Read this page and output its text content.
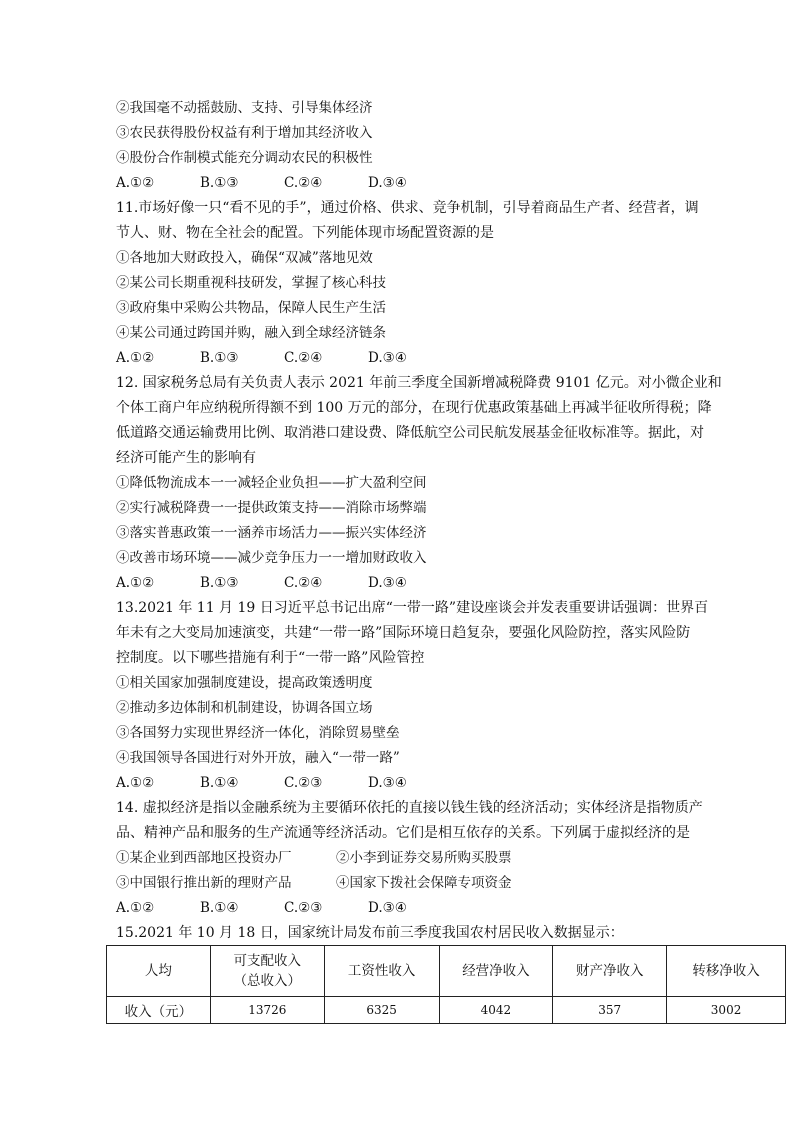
②我国毫不动摇鼓励、支持、引导集体经济
③农民获得股份权益有利于增加其经济收入
④股份合作制模式能充分调动农民的积极性
A.①②	B.①③	C.②④	D.③④
11.市场好像一只“看不见的手”，通过价格、供求、竞争机制，引导着商品生产者、经营者，调
节人、财、物在全社会的配置。下列能体现市场配置资源的是
①各地加大财政投入，确保“双减”落地见效
②某公司长期重视科技研发，掌握了核心科技
③政府集中采购公共物品，保障人民生产生活
④某公司通过跨国并购，融入到全球经济链条
A.①②	B.①③	C.②④	D.③④
12. 国家税务总局有关负责人表示 2021 年前三季度全国新增减税降费 9101 亿元。对小微企业和
个体工商户年应纳税所得额不到 100 万元的部分，在现行优惠政策基础上再减半征收所得税；降
低道路交通运输费用比例、取消港口建设费、降低航空公司民航发展基金征收标准等。据此，对
经济可能产生的影响有
①降低物流成本一一减轻企业负担——扩大盈利空间
②实行减税降费一一提供政策支持——消除市场弊端
③落实普惠政策一一涵养市场活力——振兴实体经济
④改善市场环境——减少竞争压力一一增加财政收入
A.①②	B.①③	C.②④	D.③④
13.2021 年 11 月 19 日习近平总书记出席“一带一路”建设座谈会并发表重要讲话强调：世界百
年未有之大变局加速演变，共建“一带一路”国际环境日趋复杂，要强化风险防控，落实风险防
控制度。以下哪些措施有利于“一带一路”风险管控
①相关国家加强制度建设，提高政策透明度
②推动多边体制和机制建设，协调各国立场
③各国努力实现世界经济一体化，消除贸易壁垒
④我国领导各国进行对外开放，融入“一带一路”
A.①②	B.①④	C.②③	D.③④
14. 虚拟经济是指以金融系统为主要循环依托的直接以钱生钱的经济活动；实体经济是指物质产
品、精神产品和服务的生产流通等经济活动。它们是相互依存的关系。下列属于虚拟经济的是
①某企业到西部地区投资办厂	②小李到证券交易所购买股票
③中国银行推出新的理财产品	④国家下拨社会保障专项资金
A.①②	B.①④	C.②③	D.③④
15.2021 年 10 月 18 日，国家统计局发布前三季度我国农村居民收入数据显示：
人均	可支配收入（总收入）	工资性收入	经营净收入	财产净收入	转移净收入
收入（元）	13726	6325	4042	357	3002
